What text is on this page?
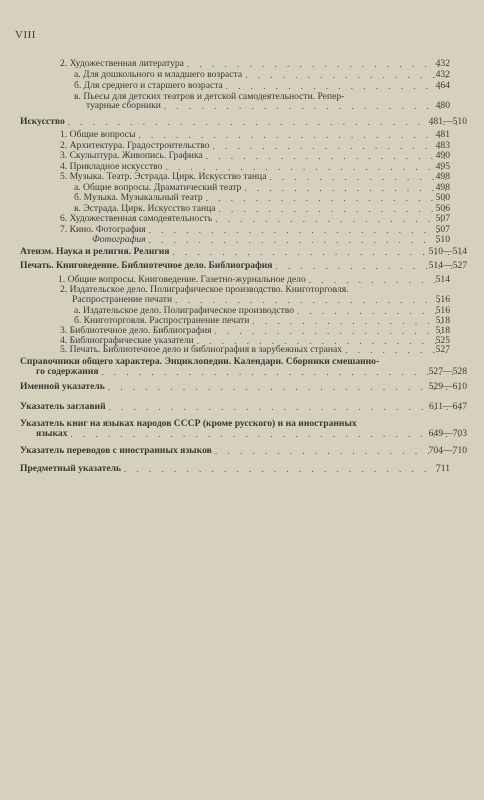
VIII
2. Художественная литература . . .	432
а. Для дошкольного и младшего возраста . . .	432
б. Для среднего и старшего возраста . . .	464
в. Пьесы для детских театров и детской самодеятельности. Репер-
туарные сборники . . .	480
Искусство . . .	481—510
1. Общие вопросы . . .	481
2. Архитектура. Градостроительство . . .	483
3. Скульптура. Живопись. Графика . . .	490
4. Прикладное искусство . . .	495
5. Музыка. Театр. Эстрада. Цирк. Искусство танца . . .	498
а. Общие вопросы. Драматический театр . . .	498
б. Музыка. Музыкальный театр . . .	500
в. Эстрада. Цирк. Искусство танца . . .	506
6. Художественная самодеятельность . . .	507
7. Кино. Фотография . . .	507
Фотография . . .	510
Атеизм. Наука и религия. Религия . . .	510—514
Печать. Книговедение. Библиотечное дело. Библиография . . .	514—527
1. Общие вопросы. Книговедение. Газетно-журнальное дело . . .	514
2. Издательское дело. Полиграфическое производство. Книготорговля.
Распространение печати . . .	516
а. Издательское дело. Полиграфическое производство . . .	516
б. Книготорговля. Распространение печати . . .	518
3. Библиотечное дело. Библиография . . .	518
4. Библиографические указатели . . .	525
5. Печать. Библиотечное дело и библиография в зарубежных странах . . .	527
Справочники общего характера. Энциклопедии. Календари. Сборники смешанно-
го содержания . . .	527—528
Именной указатель . . .	529—610
Указатель заглавий . . .	611—647
Указатель книг на языках народов СССР (кроме русского) и на иностранных
языках . . .	649—703
Указатель переводов с иностранных языков . . .	704—710
Предметный указатель . . .	711
